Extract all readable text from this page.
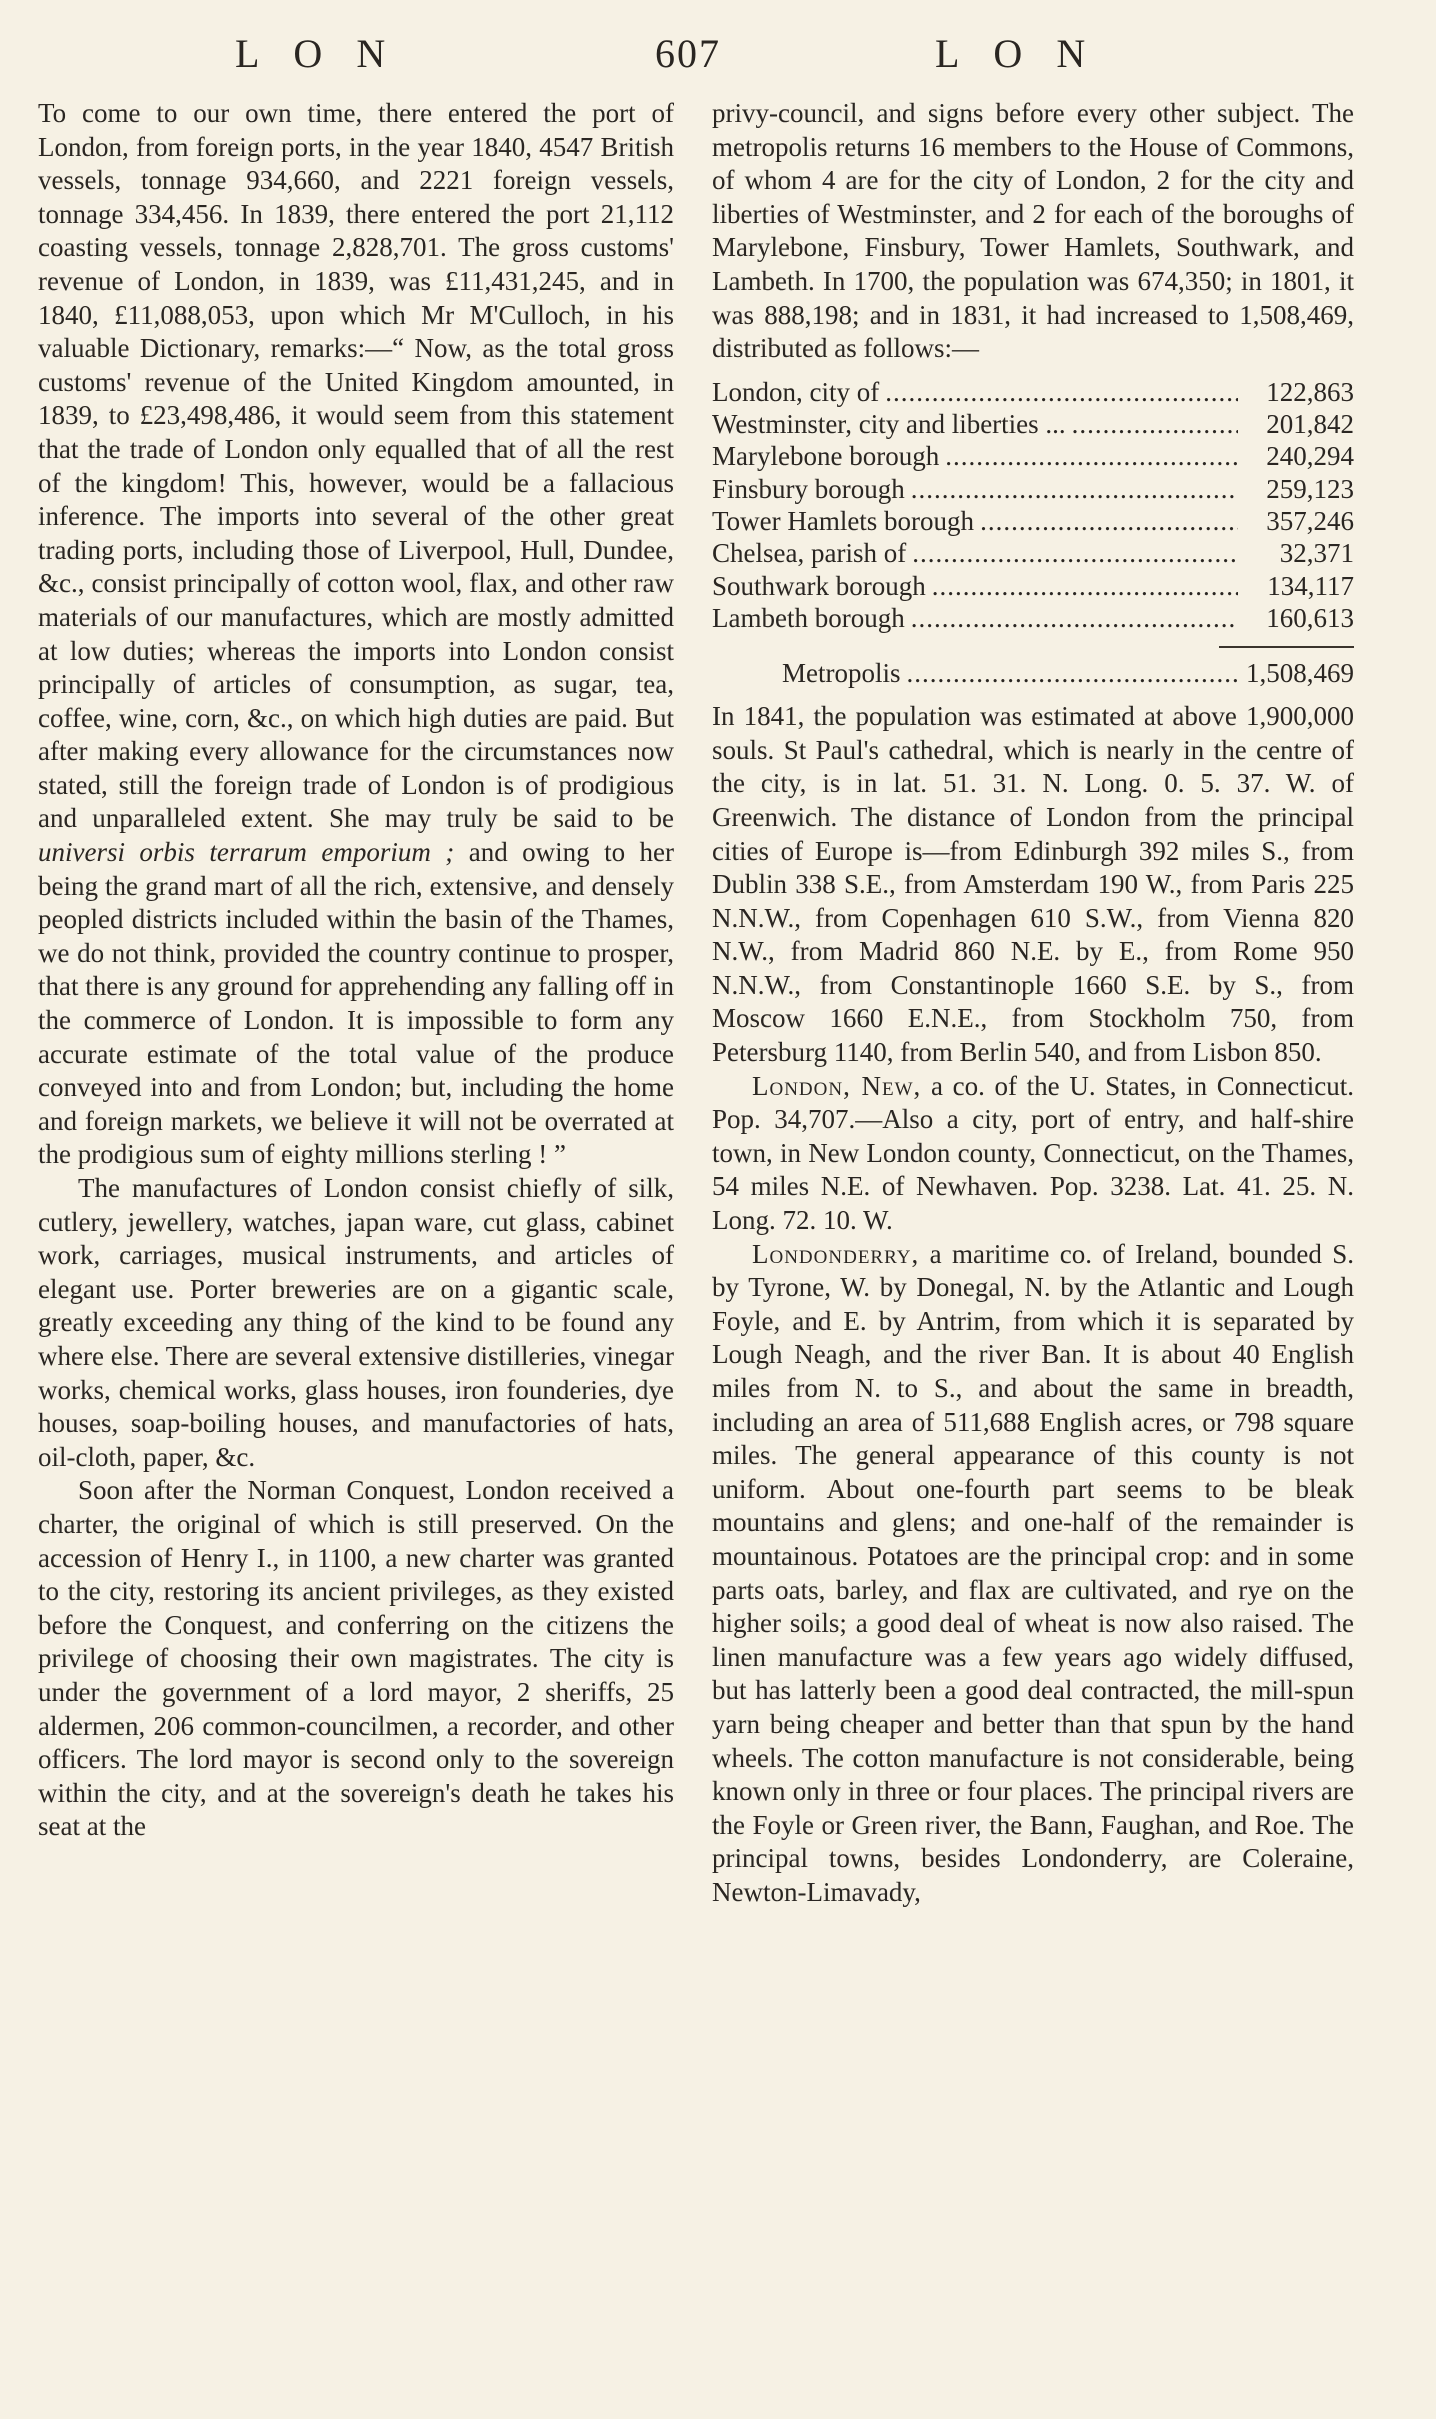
LON	607	LON

To come to our own time, there entered the port of London, from foreign ports, in the year 1840, 4547 British vessels, tonnage 934,660, and 2221 foreign vessels, tonnage 334,456. In 1839, there entered the port 21,112 coasting vessels, tonnage 2,828,701. The gross customs' revenue of London, in 1839, was £11,431,245, and in 1840, £11,088,053, upon which Mr M'Culloch, in his valuable Dictionary, remarks:—“ Now, as the total gross customs' revenue of the United Kingdom amounted, in 1839, to £23,498,486, it would seem from this statement that the trade of London only equalled that of all the rest of the kingdom! This, however, would be a fallacious inference. The imports into several of the other great trading ports, including those of Liverpool, Hull, Dundee, &c., consist principally of cotton wool, flax, and other raw materials of our manufactures, which are mostly admitted at low duties; whereas the imports into London consist principally of articles of consumption, as sugar, tea, coffee, wine, corn, &c., on which high duties are paid. But after making every allowance for the circumstances now stated, still the foreign trade of London is of prodigious and unparalleled extent. She may truly be said to be universi orbis terrarum emporium ; and owing to her being the grand mart of all the rich, extensive, and densely peopled districts included within the basin of the Thames, we do not think, provided the country continue to prosper, that there is any ground for apprehending any falling off in the commerce of London. It is impossible to form any accurate estimate of the total value of the produce conveyed into and from London; but, including the home and foreign markets, we believe it will not be overrated at the prodigious sum of eighty millions sterling ! ”

The manufactures of London consist chiefly of silk, cutlery, jewellery, watches, japan ware, cut glass, cabinet work, carriages, musical instruments, and articles of elegant use. Porter breweries are on a gigantic scale, greatly exceeding any thing of the kind to be found any where else. There are several extensive distilleries, vinegar works, chemical works, glass houses, iron founderies, dye houses, soap-boiling houses, and manufactories of hats, oil-cloth, paper, &c.

Soon after the Norman Conquest, London received a charter, the original of which is still preserved. On the accession of Henry I., in 1100, a new charter was granted to the city, restoring its ancient privileges, as they existed before the Conquest, and conferring on the citizens the privilege of choosing their own magistrates. The city is under the government of a lord mayor, 2 sheriffs, 25 aldermen, 206 common-councilmen, a recorder, and other officers. The lord mayor is second only to the sovereign within the city, and at the sovereign's death he takes his seat at the

privy-council, and signs before every other subject. The metropolis returns 16 members to the House of Commons, of whom 4 are for the city of London, 2 for the city and liberties of Westminster, and 2 for each of the boroughs of Marylebone, Finsbury, Tower Hamlets, Southwark, and Lambeth. In 1700, the population was 674,350; in 1801, it was 888,198; and in 1831, it had increased to 1,508,469, distributed as follows:—

London, city of .....	122,863
Westminster, city and liberties ... .....	201,842
Marylebone borough .....	240,294
Finsbury borough .....	259,123
Tower Hamlets borough .....	357,246
Chelsea, parish of .....	32,371
Southwark borough .....	134,117
Lambeth borough .....	160,613
Metropolis .....	1,508,469

In 1841, the population was estimated at above 1,900,000 souls. St Paul's cathedral, which is nearly in the centre of the city, is in lat. 51. 31. N. Long. 0. 5. 37. W. of Greenwich. The distance of London from the principal cities of Europe is—from Edinburgh 392 miles S., from Dublin 338 S.E., from Amsterdam 190 W., from Paris 225 N.N.W., from Copenhagen 610 S.W., from Vienna 820 N.W., from Madrid 860 N.E. by E., from Rome 950 N.N.W., from Constantinople 1660 S.E. by S., from Moscow 1660 E.N.E., from Stockholm 750, from Petersburg 1140, from Berlin 540, and from Lisbon 850.

London, New, a co. of the U. States, in Connecticut. Pop. 34,707.—Also a city, port of entry, and half-shire town, in New London county, Connecticut, on the Thames, 54 miles N.E. of Newhaven. Pop. 3238. Lat. 41. 25. N. Long. 72. 10. W.

Londonderry, a maritime co. of Ireland, bounded S. by Tyrone, W. by Donegal, N. by the Atlantic and Lough Foyle, and E. by Antrim, from which it is separated by Lough Neagh, and the river Ban. It is about 40 English miles from N. to S., and about the same in breadth, including an area of 511,688 English acres, or 798 square miles. The general appearance of this county is not uniform. About one-fourth part seems to be bleak mountains and glens; and one-half of the remainder is mountainous. Potatoes are the principal crop: and in some parts oats, barley, and flax are cultivated, and rye on the higher soils; a good deal of wheat is now also raised. The linen manufacture was a few years ago widely diffused, but has latterly been a good deal contracted, the mill-spun yarn being cheaper and better than that spun by the hand wheels. The cotton manufacture is not considerable, being known only in three or four places. The principal rivers are the Foyle or Green river, the Bann, Faughan, and Roe. The principal towns, besides Londonderry, are Coleraine, Newton-Limavady,
